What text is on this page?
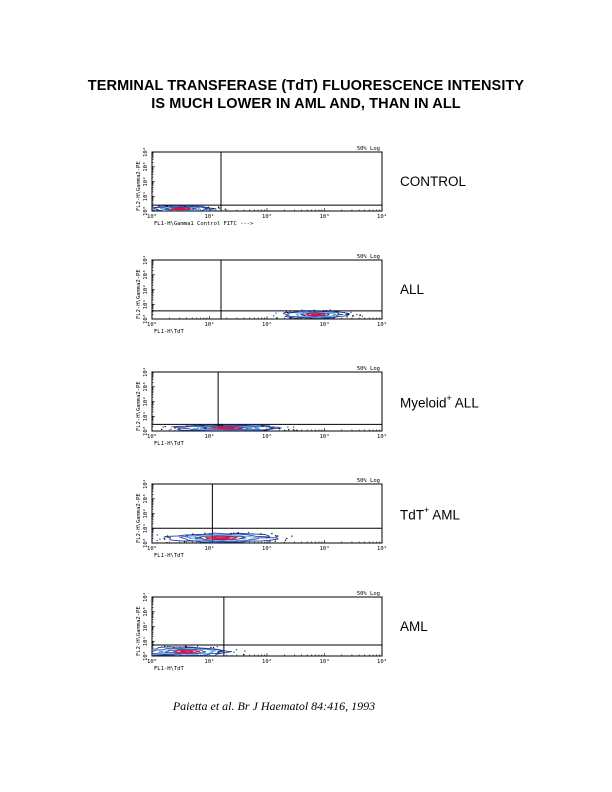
TERMINAL TRANSFERASE (TdT) FLUORESCENCE INTENSITY
IS MUCH LOWER IN AML AND, THAN IN ALL
10⁰	10¹	10²	10³	10⁴
10⁰
10¹
10²
10³
10⁴
FL1-H\Gamma1 Control FITC --->
FL2-H\Gamma2-PE
50% Log
CONTROL
10⁰	10¹	10²	10³	10⁴
10⁰
10¹
10²
10³
10⁴
FL1-H\TdT
FL2-H\Gamma2-PE
50% Log
ALL
10⁰	10¹	10²	10³	10⁴
10⁰
10¹
10²
10³
10⁴
FL1-H\TdT
FL2-H\Gamma2-PE
50% Log
Myeloid+ ALL
10⁰	10¹	10²	10³	10⁴
10⁰
10¹
10²
10³
10⁴
FL1-H\TdT
FL2-H\Gamma2-PE
50% Log
TdT+ AML
10⁰	10¹	10²	10³	10⁴
10⁰
10¹
10²
10³
10⁴
FL1-H\TdT
FL2-H\Gamma2-PE
50% Log
AML
Paietta et al. Br J Haematol 84:416, 1993
